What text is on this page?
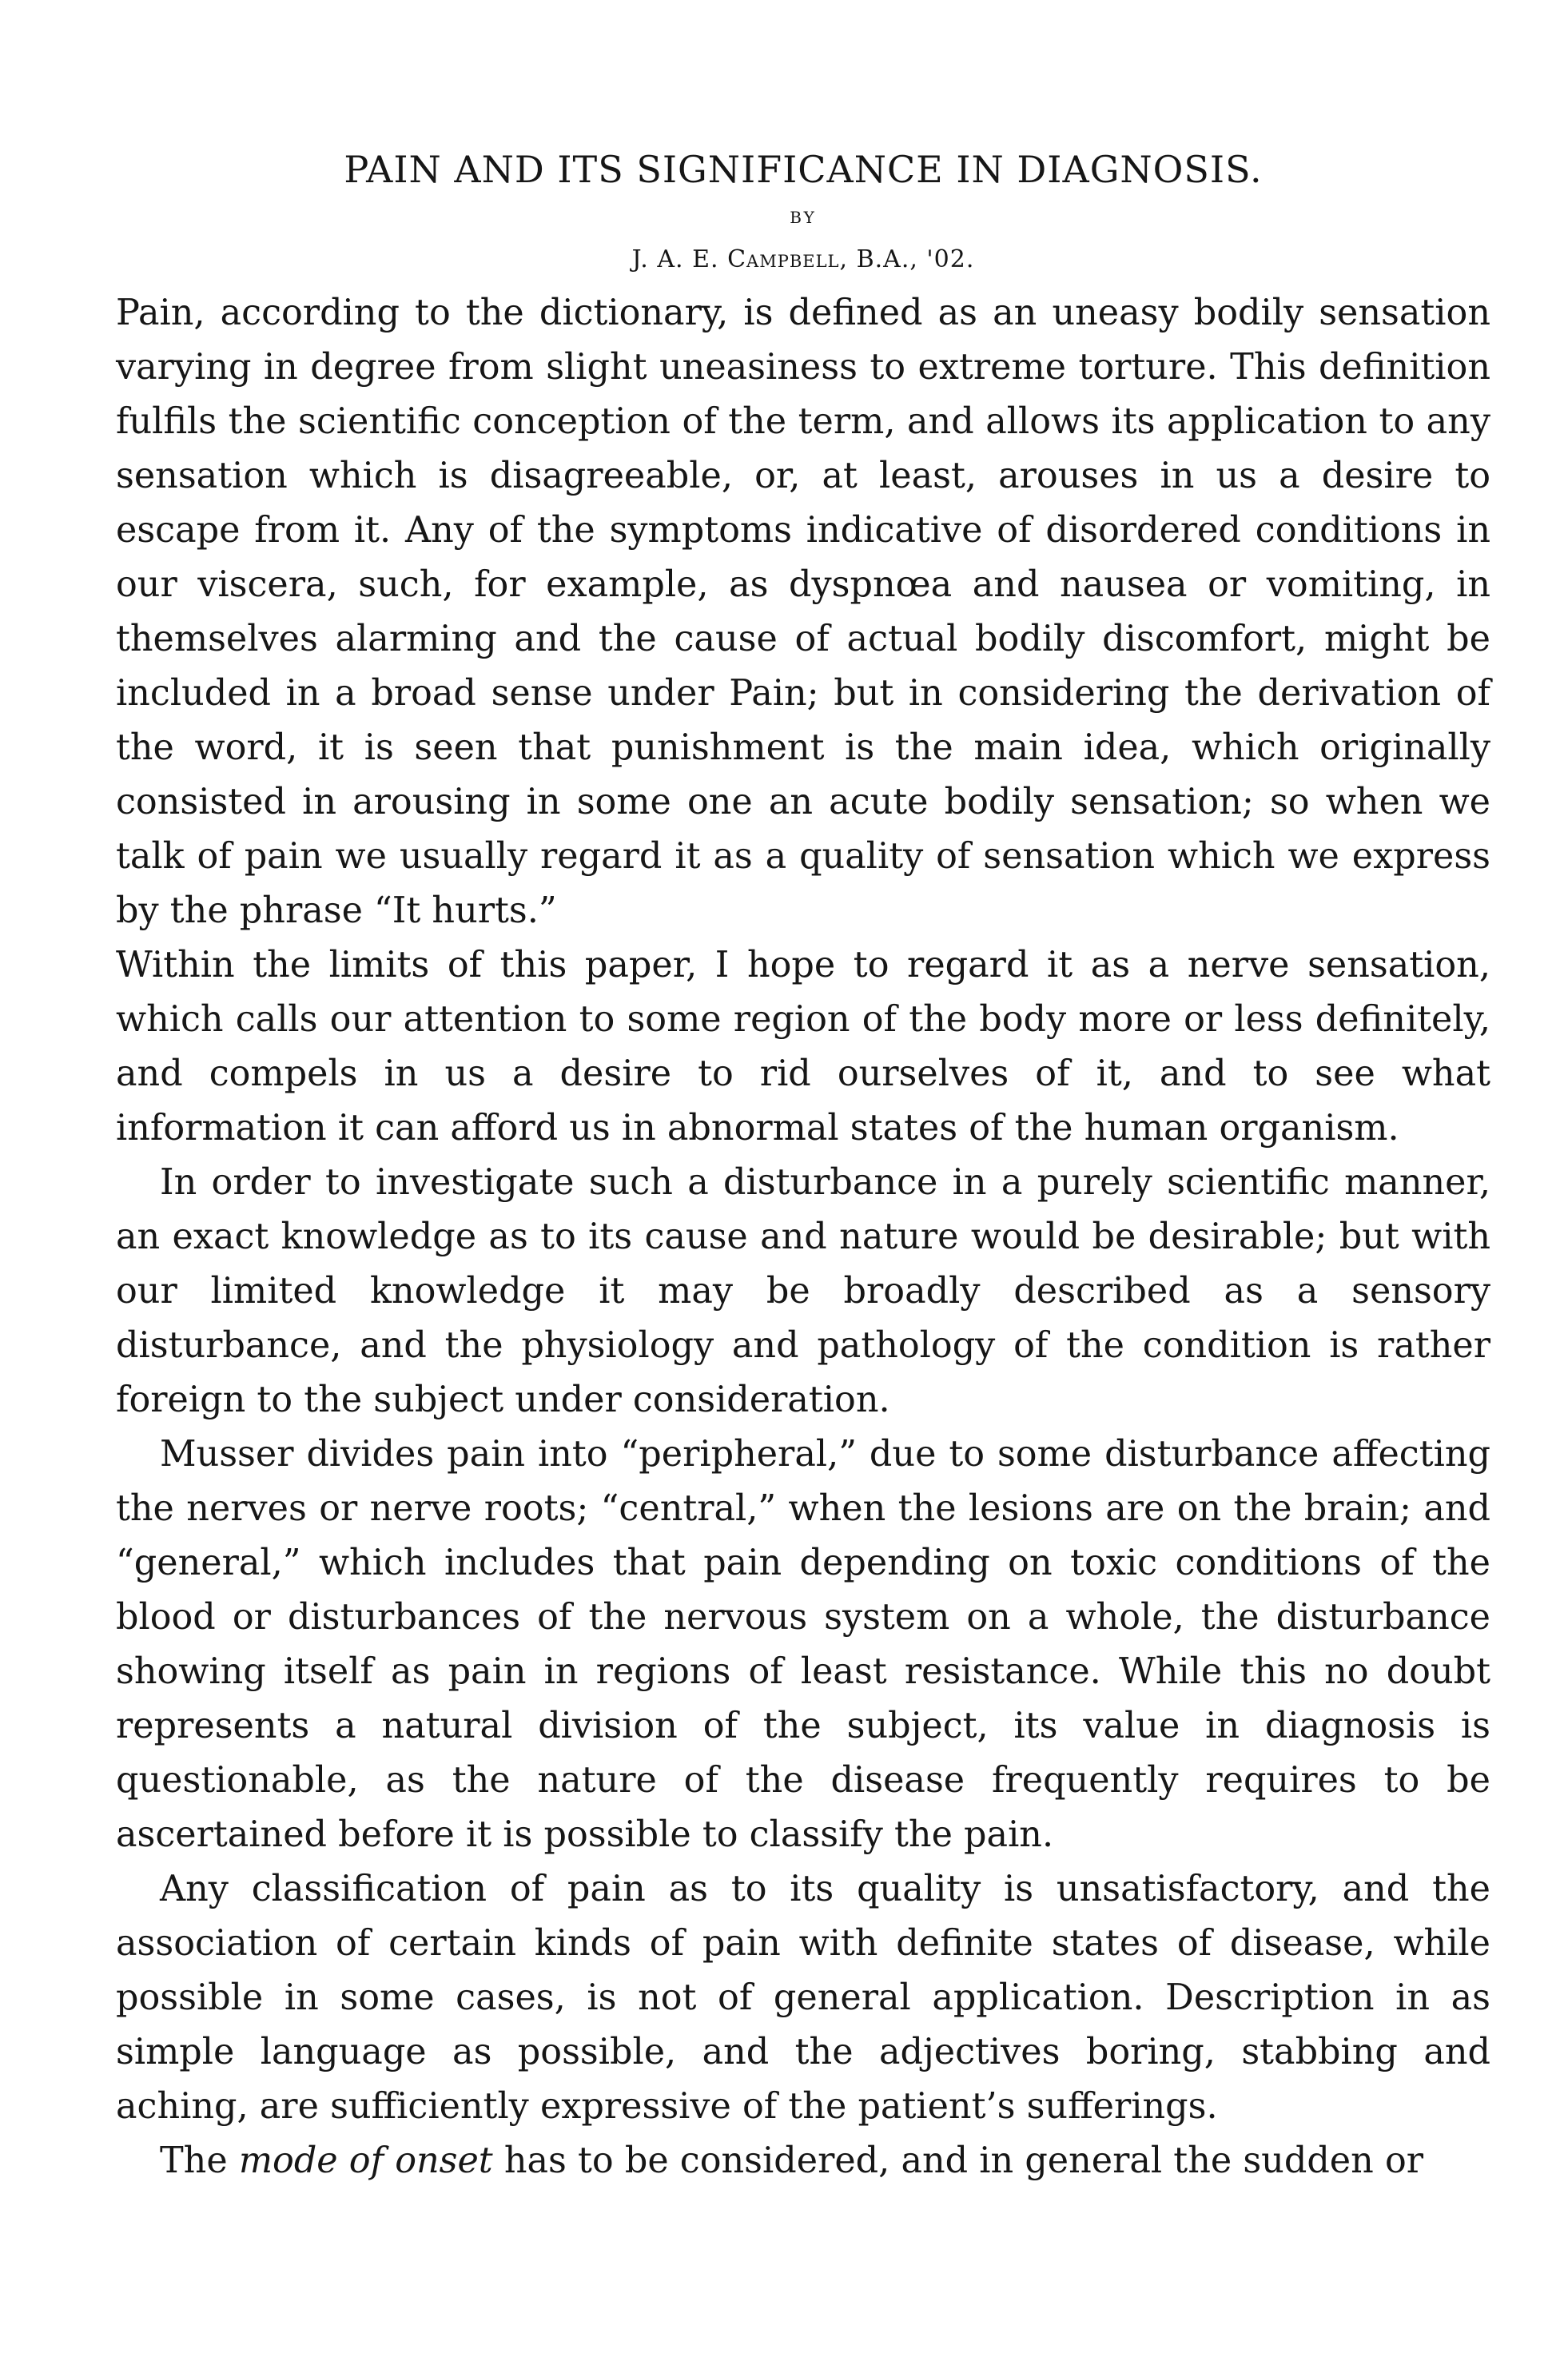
PAIN AND ITS SIGNIFICANCE IN DIAGNOSIS.
BY
J. A. E. Campbell, B.A., '02.

Pain, according to the dictionary, is defined as an uneasy bodily sensation varying in degree from slight uneasiness to extreme torture. This definition fulfils the scientific conception of the term, and allows its application to any sensation which is disagreeable, or, at least, arouses in us a desire to escape from it. Any of the symptoms indicative of disordered conditions in our viscera, such, for example, as dyspnœa and nausea or vomiting, in themselves alarming and the cause of actual bodily discomfort, might be included in a broad sense under Pain; but in considering the derivation of the word, it is seen that punishment is the main idea, which originally consisted in arousing in some one an acute bodily sensation; so when we talk of pain we usually regard it as a quality of sensation which we express by the phrase “It hurts.”

Within the limits of this paper, I hope to regard it as a nerve sensation, which calls our attention to some region of the body more or less definitely, and compels in us a desire to rid ourselves of it, and to see what information it can afford us in abnormal states of the human organism.

In order to investigate such a disturbance in a purely scientific manner, an exact knowledge as to its cause and nature would be desirable; but with our limited knowledge it may be broadly described as a sensory disturbance, and the physiology and pathology of the condition is rather foreign to the subject under consideration.

Musser divides pain into “peripheral,” due to some disturbance affecting the nerves or nerve roots; “central,” when the lesions are on the brain; and “general,” which includes that pain depending on toxic conditions of the blood or disturbances of the nervous system on a whole, the disturbance showing itself as pain in regions of least resistance. While this no doubt represents a natural division of the subject, its value in diagnosis is questionable, as the nature of the disease frequently requires to be ascertained before it is possible to classify the pain.

Any classification of pain as to its quality is unsatisfactory, and the association of certain kinds of pain with definite states of disease, while possible in some cases, is not of general application. Description in as simple language as possible, and the adjectives boring, stabbing and aching, are sufficiently expressive of the patient’s sufferings.

The mode of onset has to be considered, and in general the sudden or
